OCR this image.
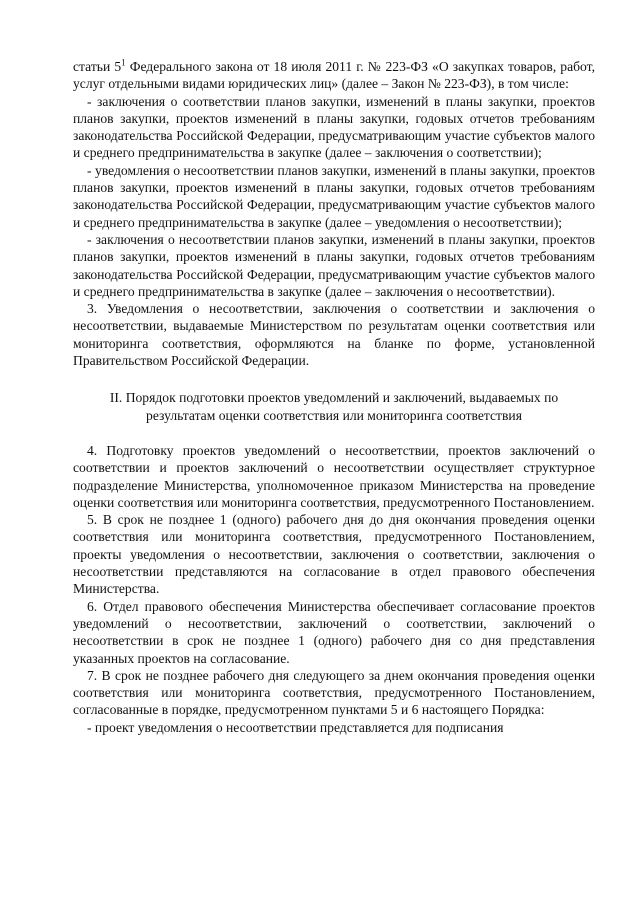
статьи $5^1$ Федерального закона от 18 июля 2011 г. № 223-ФЗ «О закупках товаров, работ, услуг отдельными видами юридических лиц» (далее – Закон № 223-ФЗ), в том числе:

- заключения о соответствии планов закупки, изменений в планы закупки, проектов планов закупки, проектов изменений в планы закупки, годовых отчетов требованиям законодательства Российской Федерации, предусматривающим участие субъектов малого и среднего предпринимательства в закупке (далее – заключения о соответствии);

- уведомления о несоответствии планов закупки, изменений в планы закупки, проектов планов закупки, проектов изменений в планы закупки, годовых отчетов требованиям законодательства Российской Федерации, предусматривающим участие субъектов малого и среднего предпринимательства в закупке (далее – уведомления о несоответствии);

- заключения о несоответствии планов закупки, изменений в планы закупки, проектов планов закупки, проектов изменений в планы закупки, годовых отчетов требованиям законодательства Российской Федерации, предусматривающим участие субъектов малого и среднего предпринимательства в закупке (далее – заключения о несоответствии).

3. Уведомления о несоответствии, заключения о соответствии и заключения о несоответствии, выдаваемые Министерством по результатам оценки соответствия или мониторинга соответствия, оформляются на бланке по форме, установленной Правительством Российской Федерации.

II. Порядок подготовки проектов уведомлений и заключений, выдаваемых по результатам оценки соответствия или мониторинга соответствия

4. Подготовку проектов уведомлений о несоответствии, проектов заключений о соответствии и проектов заключений о несоответствии осуществляет структурное подразделение Министерства, уполномоченное приказом Министерства на проведение оценки соответствия или мониторинга соответствия, предусмотренного Постановлением.

5. В срок не позднее 1 (одного) рабочего дня до дня окончания проведения оценки соответствия или мониторинга соответствия, предусмотренного Постановлением, проекты уведомления о несоответствии, заключения о соответствии, заключения о несоответствии представляются на согласование в отдел правового обеспечения Министерства.

6. Отдел правового обеспечения Министерства обеспечивает согласование проектов уведомлений о несоответствии, заключений о соответствии, заключений о несоответствии в срок не позднее 1 (одного) рабочего дня со дня представления указанных проектов на согласование.

7. В срок не позднее рабочего дня следующего за днем окончания проведения оценки соответствия или мониторинга соответствия, предусмотренного Постановлением, согласованные в порядке, предусмотренном пунктами 5 и 6 настоящего Порядка:

- проект уведомления о несоответствии представляется для подписания
